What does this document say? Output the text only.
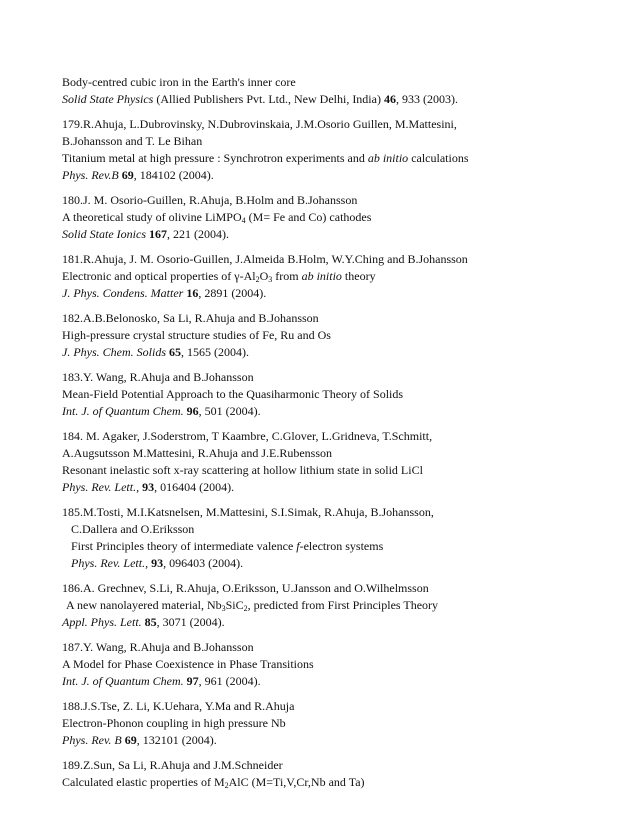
Body-centred cubic iron in the Earth's inner core
Solid State Physics (Allied Publishers Pvt. Ltd., New Delhi, India) 46, 933 (2003).
179.R.Ahuja, L.Dubrovinsky, N.Dubrovinskaia, J.M.Osorio Guillen, M.Mattesini,
B.Johansson and T. Le Bihan
Titanium metal at high pressure : Synchrotron experiments and ab initio calculations
Phys. Rev.B 69, 184102 (2004).
180.J. M. Osorio-Guillen, R.Ahuja, B.Holm and B.Johansson
A theoretical study of olivine LiMPO$_4$ (M= Fe and Co) cathodes
Solid State Ionics 167, 221 (2004).
181.R.Ahuja, J. M. Osorio-Guillen, J.Almeida B.Holm, W.Y.Ching and B.Johansson
Electronic and optical properties of $\gamma-Al_2O_3$ from ab initio theory
J. Phys. Condens. Matter 16, 2891 (2004).
182.A.B.Belonosko, Sa Li, R.Ahuja and B.Johansson
High-pressure crystal structure studies of Fe, Ru and Os
J. Phys. Chem. Solids 65, 1565 (2004).
183.Y. Wang, R.Ahuja and B.Johansson
Mean-Field Potential Approach to the Quasiharmonic Theory of Solids
Int. J. of Quantum Chem. 96, 501 (2004).
184. M. Agaker, J.Soderstrom, T Kaambre, C.Glover, L.Gridneva, T.Schmitt,
A.Augsutsson M.Mattesini, R.Ahuja and J.E.Rubensson
Resonant inelastic soft x-ray scattering at hollow lithium state in solid LiCl
Phys. Rev. Lett., 93, 016404 (2004).
185.M.Tosti, M.I.Katsnelsen, M.Mattesini, S.I.Simak, R.Ahuja, B.Johansson,
C.Dallera and O.Eriksson
First Principles theory of intermediate valence f-electron systems
Phys. Rev. Lett., 93, 096403 (2004).
186.A. Grechnev, S.Li, R.Ahuja, O.Eriksson, U.Jansson and O.Wilhelmsson
A new nanolayered material, $Nb_3SiC_2$, predicted from First Principles Theory
Appl. Phys. Lett. 85, 3071 (2004).
187.Y. Wang, R.Ahuja and B.Johansson
A Model for Phase Coexistence in Phase Transitions
Int. J. of Quantum Chem. 97, 961 (2004).
188.J.S.Tse, Z. Li, K.Uehara, Y.Ma and R.Ahuja
Electron-Phonon coupling in high pressure Nb
Phys. Rev. B 69, 132101 (2004).
189.Z.Sun, Sa Li, R.Ahuja and J.M.Schneider
Calculated elastic properties of $M_2AlC$ (M=Ti,V,Cr,Nb and Ta)
